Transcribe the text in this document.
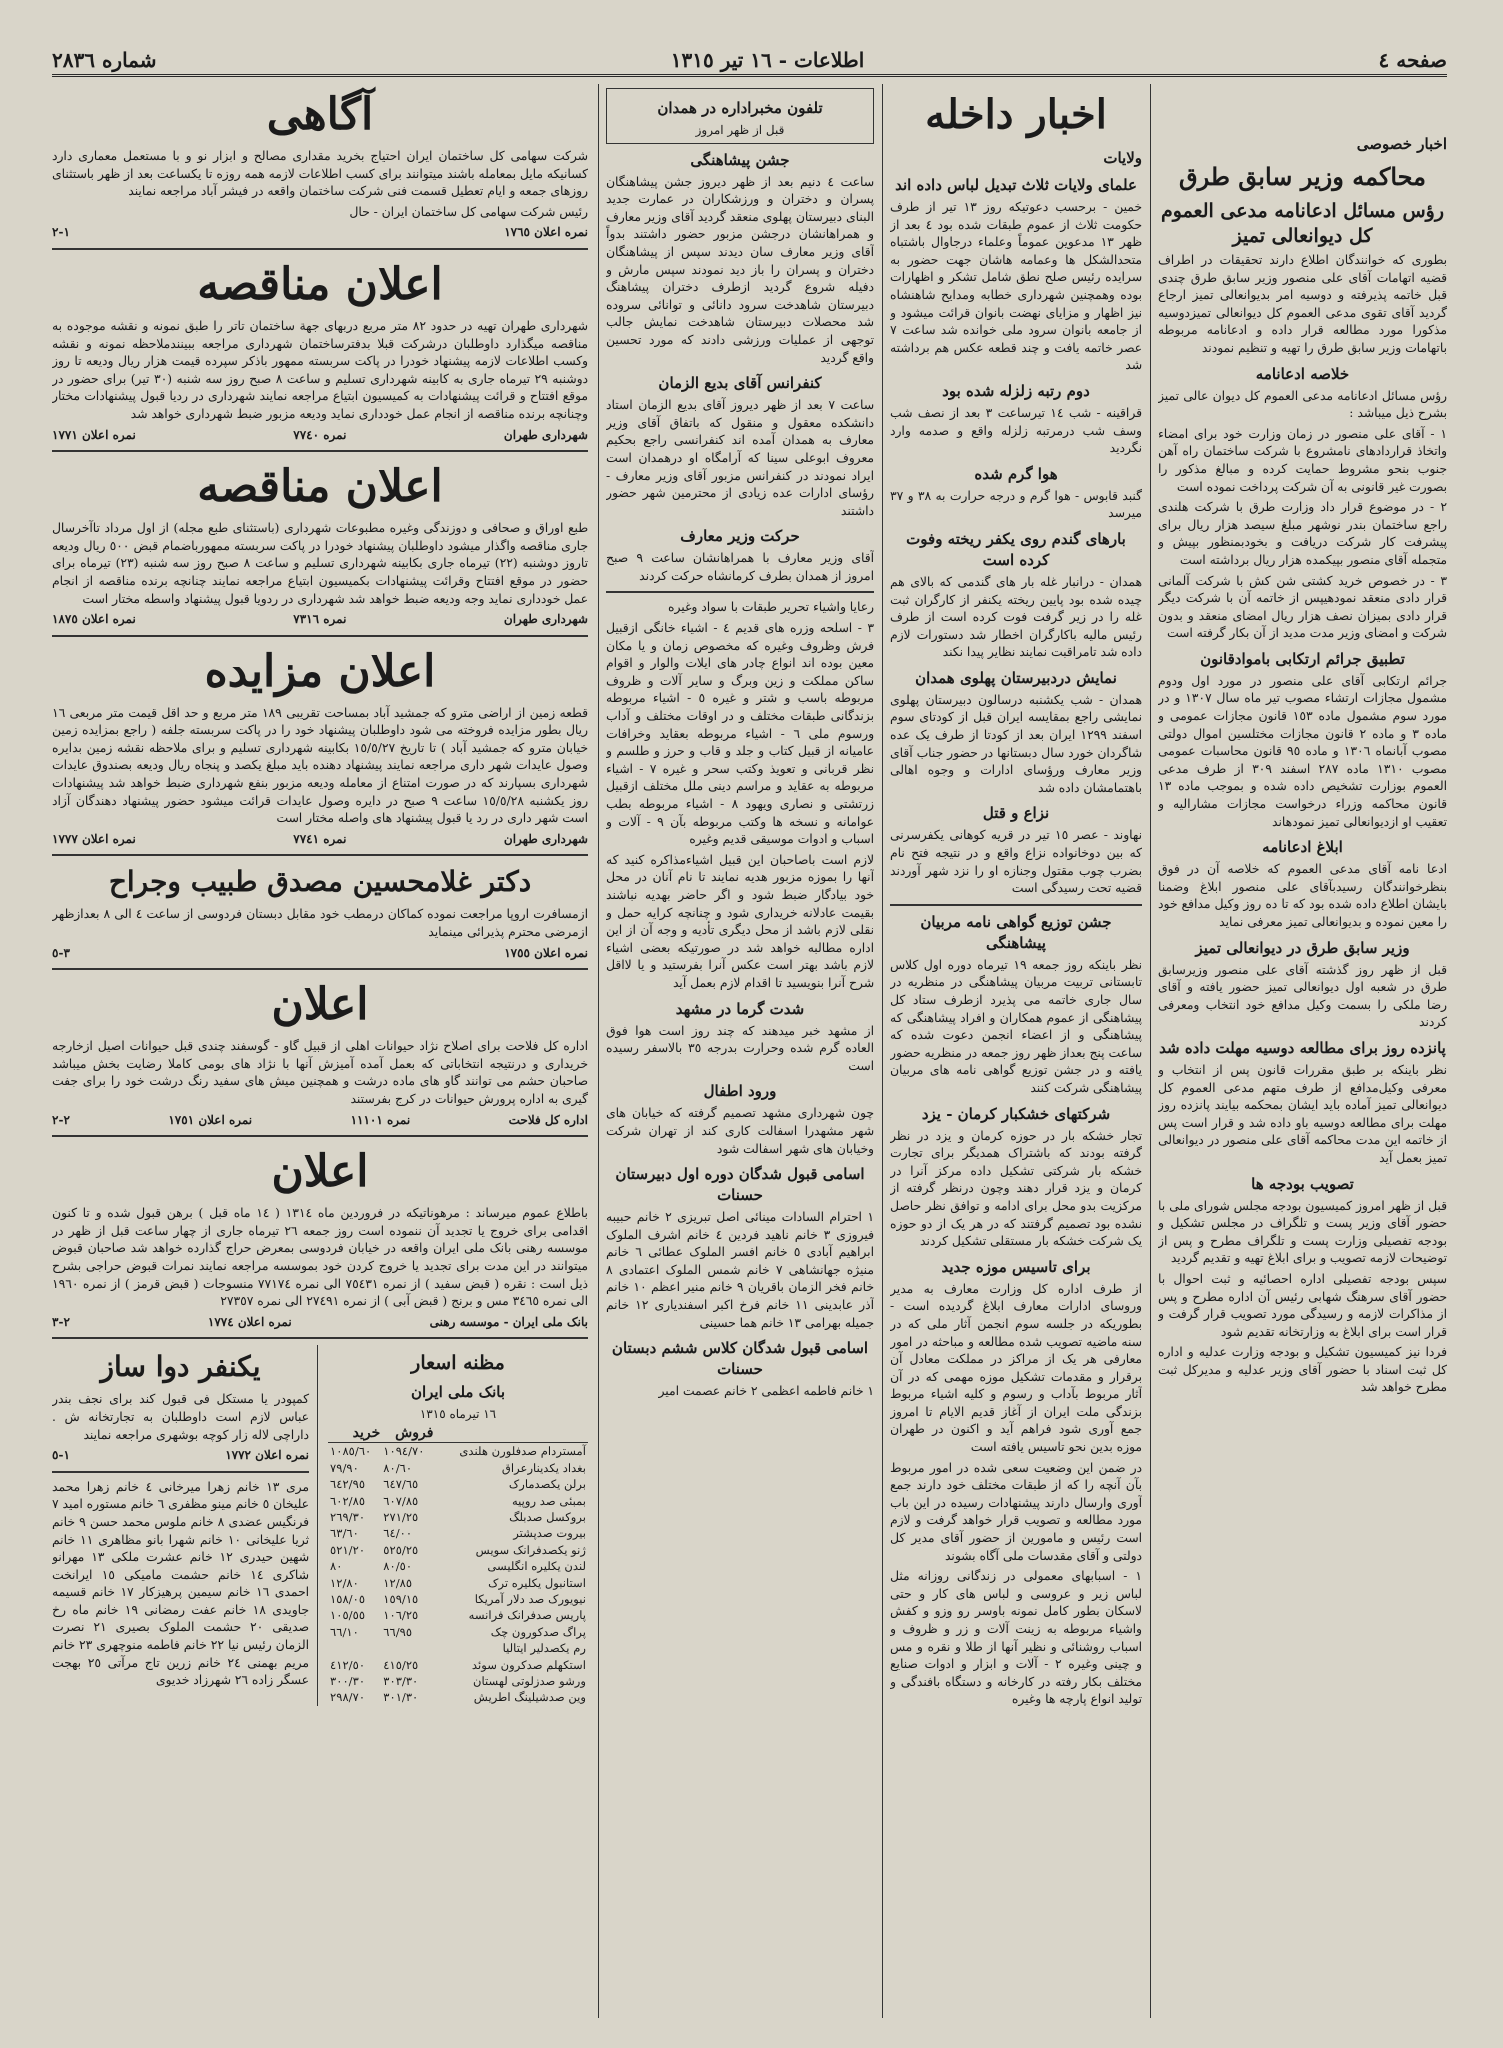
صفحه ٤
اطلاعات - ١٦ تیر ١٣١٥
شماره ٢٨٣٦
آگاهی

شرکت سهامی کل ساختمان ایران احتیاج بخرید مقداری مصالح و ابزار نو و با مستعمل معماری دارد کسانیکه مایل بمعامله باشند میتوانند برای کسب اطلاعات لازمه همه روزه تا یکساعت بعد از ظهر باستثنای روزهای جمعه و ایام تعطیل قسمت فنی شرکت ساختمان واقعه در فیشر آباد مراجعه نمایند

رئیس شرکت سهامی کل ساختمان ایران - حال

نمره اعلان ١٧٦٥
١-٢
اعلان مناقصه

شهرداری طهران تهیه در حدود ٨٢ متر مربع دربهای جهة ساختمان تاتر را طبق نمونه و نقشه موجوده به مناقصه میگذارد داوطلبان درشرکت قبلا بدفترساختمان شهرداری مراجعه ببینندملاحظه نمونه و نقشه وکسب اطلاعات لازمه پیشنهاد خودرا در پاکت سربسته ممهور باذکر سپرده قیمت هزار ریال ودیعه تا روز دوشنبه ٢٩ تیرماه جاری به کابینه شهرداری تسلیم و ساعت ٨ صبح روز سه شنبه (٣٠ تیر) برای حضور در موقع افتتاح و قرائت پیشنهادات به کمیسیون ابتیاع مراجعه نمایند شهرداری در ردیا قبول پیشنهادات مختار وچنانچه برنده مناقصه از انجام عمل خودداری نماید ودیعه مزبور ضبط شهرداری خواهد شد

شهرداری طهران
نمره ٧٧٤٠
نمره اعلان ١٧٧١
اعلان مناقصه

طبع اوراق و صحافی و دوزندگی وغیره مطبوعات شهرداری (باستثنای طبع مجله) از اول مرداد تاآخرسال جاری مناقصه واگذار میشود داوطلبان پیشنهاد خودرا در پاکت سربسته ممهورباضمام قبض ٥٠٠ ریال ودیعه تاروز دوشنبه (٢٢) تیرماه جاری بکابینه شهرداری تسلیم و ساعت ٨ صبح روز سه شنبه (٢٣) تیرماه برای حضور در موقع افتتاح وقرائت پیشنهادات بکمیسیون ابتیاع مراجعه نمایند چنانچه برنده مناقصه از انجام عمل خودداری نماید وجه ودیعه ضبط خواهد شد شهرداری در ردویا قبول پیشنهاد واسطه مختار است

شهرداری طهران
نمره ٧٣١٦
نمره اعلان ١٨٧٥
اعلان مزایده

قطعه زمین از اراضی مترو که جمشید آباد بمساحت تقریبی ١٨٩ متر مربع و حد اقل قیمت متر مربعی ١٦ ریال بطور مزایده فروخته می شود داوطلبان پیشنهاد خود را در پاکت سربسته جلفه ( راجع بمزایده زمین خیابان مترو که جمشید آباد ) تا تاریخ ١٥/٥/٢٧ بکابینه شهرداری تسلیم و برای ملاحظه نقشه زمین بدایره وصول عایدات شهر داری مراجعه نمایند پیشنهاد دهنده باید مبلغ یکصد و پنجاه ریال ودیعه بصندوق عایدات شهرداری بسپارند که در صورت امتناع از معامله ودیعه مزبور بنفع شهرداری ضبط خواهد شد پیشنهادات روز یکشنبه ١٥/٥/٢٨ ساعت ٩ صبح در دایره وصول عایدات قرائت میشود حضور پیشنهاد دهندگان آزاد است شهر داری در رد یا قبول پیشنهاد های واصله مختار است

شهرداری طهران
نمره ٧٧٤١
نمره اعلان ١٧٧٧
دکتر غلامحسین مصدق طبیب وجراح

ازمسافرت اروپا مراجعت نموده کماکان درمطب خود مقابل دبستان فردوسی از ساعت ٤ الی ٨ بعدازظهر ازمرضی محترم پذیرائی مینماید

نمره اعلان ١٧٥٥
٣-٥
اعلان

اداره کل فلاحت برای اصلاح نژاد حیوانات اهلی از قبیل گاو - گوسفند چندی قبل حیوانات اصیل ازخارجه خریداری و درنتیجه انتخاباتی که بعمل آمده آمیزش آنها با نژاد های بومی کاملا رضایت بخش میباشد صاحبان حشم می توانند گاو های ماده درشت و همچنین میش های سفید رنگ درشت خود را برای جفت گیری به اداره پرورش حیوانات در کرج بفرستند

اداره کل فلاحت
نمره ١١١٠١
نمره اعلان ١٧٥١
٢-٢
اعلان

باطلاع عموم میرساند : مرهوناتیکه در فروردین ماه ١٣١٤ ( ١٤ ماه قبل ) برهن قبول شده و تا کنون اقدامی برای خروج یا تجدید آن ننموده است روز جمعه ٢٦ تیرماه جاری از چهار ساعت قبل از ظهر در موسسه رهنی بانک ملی ایران واقعه در خیابان فردوسی بمعرض حراج گذارده خواهد شد صاحبان قبوض میتوانند در این مدت برای تجدید یا خروج کردن خود بموسسه مراجعه نمایند نمرات قبوض حراجی بشرح ذیل است : نقره ( قبض سفید ) از نمره ٧٥٤٣١ الی نمره ٧٧١٧٤ منسوجات ( قبض قرمز ) از نمره ١٩٦٠ الی نمره ٣٤٦٥ مس و برنج ( قبض آبی ) از نمره ٢٧٤٩١ الی نمره ٢٧٣٥٧

بانک ملی ایران - موسسه رهنی
نمره اعلان ١٧٧٤
٢-٣
مظنه اسعار
بانک ملی ایران
١٦ تیرماه ١٣١٥
	فروش	خرید
آمستردام صدفلورن هلندی	١٠٩٤/٧٠	١٠٨٥/٦٠
بغداد یکدینارعراق	٨٠/٦٠	٧٩/٩٠
برلن یکصدمارک	٦٤٧/٦٥	٦٤٢/٩٥
بمبئی صد روپیه	٦٠٧/٨٥	٦٠٢/٨٥
بروکسل صدبلگ	٢٧١/٢٥	٢٦٩/٣٠
بیروت صدپشتر	٦٤/٠٠	٦٣/٦٠
ژنو یکصدفرانک سویس	٥٢٥/٢٥	٥٢١/٢٠
لندن یکلیره انگلیسی	٨٠/٥٠	٨٠
استانبول یکلیره ترک	١٢/٨٥	١٢/٨٠
نیویورک صد دلار آمریکا	١٥٩/١٥	١٥٨/٠٥
پاریس صدفرانک فرانسه	١٠٦/٢٥	١٠٥/٥٥
پراگ صدکورون چک	٦٦/٩٥	٦٦/١٠
رم یکصدلیر ایتالیا		
استکهلم صدکرون سوئد	٤١٥/٢٥	٤١٢/٥٠
ورشو صدزلوتی لهستان	٣٠٣/٣٠	٣٠٠/٣٠
وین صدشیلینگ اطریش	٣٠١/٣٠	٢٩٨/٧٠
یکنفر دوا ساز

کمپودر یا مستکل فی قبول کند برای نجف بندر عباس لازم است داوطلبان به تجارتخانه ش . داراچی لاله زار کوچه بوشهری مراجعه نمایند

نمره اعلان ١٧٧٢
١-٥

مری ١٣ خانم زهرا میرخانی ٤ خانم زهرا محمد علیخان ٥ خانم مینو مظفری ٦ خانم مستوره امید ٧ فرنگیس عضدی ٨ خانم ملوس محمد حسن ٩ خانم ثریا علیخانی ١٠ خانم شهرا بانو مظاهری ١١ خانم شهین حیدری ١٢ خانم عشرت ملکی ١٣ مهرانو شاکری ١٤ خانم حشمت مامیکی ١٥ ایرانخت احمدی ١٦ خانم سیمین پرهیزکار ١٧ خانم قسیمه جاویدی ١٨ خانم عفت رمضانی ١٩ خانم ماه رخ صدیقی ٢٠ حشمت الملوک بصیری ٢١ نصرت الزمان رئیس نیا ٢٢ خانم فاطمه منوچهری ٢٣ خانم مریم بهمنی ٢٤ خانم زرین تاج مرآتی ٢٥ بهجت عسگر زاده ٢٦ شهرزاد خدیوی

تلفون مخبراداره در همدان
قبل از ظهر امروز
جشن پیشاهنگی

ساعت ٤ دنیم بعد از ظهر دیروز جشن پیشاهنگان پسران و دختران و ورزشکاران در عمارت جدید البنای دبیرستان پهلوی منعقد گردید آقای وزیر معارف و همراهانشان درجشن مزبور حضور داشتند بدواً آقای وزیر معارف سان دیدند سپس از پیشاهنگان دختران و پسران را باز دید نمودند سپس مارش و دفیله شروع گردید ازطرف دختران پیشاهنگ دبیرستان شاهدخت سرود دانائی و توانائی سروده شد محصلات دبیرستان شاهدخت نمایش جالب توجهی از عملیات ورزشی دادند که مورد تحسین واقع گردید

کنفرانس آقای بدیع الزمان

ساعت ٧ بعد از ظهر دیروز آقای بدیع الزمان استاد دانشکده معقول و منقول که باتفاق آقای وزیر معارف به همدان آمده اند کنفرانسی راجع بحکیم معروف ابوعلی سینا که آرامگاه او درهمدان است ایراد نمودند در کنفرانس مزبور آقای وزیر معارف - رؤسای ادارات عده زیادی از محترمین شهر حضور داشتند

حرکت وزیر معارف

آقای وزیر معارف با همراهانشان ساعت ٩ صبح امروز از همدان بطرف کرمانشاه حرکت کردند

رعایا واشیاء تحریر طبقات با سواد وغیره

٣ - اسلحه وزره های قدیم ٤ - اشیاء خانگی ازقبیل فرش وظروف وغیره که مخصوص زمان و یا مکان معین بوده اند انواع چادر های ایلات والوار و اقوام ساکن مملکت و زین وبرگ و سایر آلات و ظروف مربوطه باسب و شتر و غیره ٥ - اشیاء مربوطه بزندگانی طبقات مختلف و در اوقات مختلف و آداب ورسوم ملی ٦ - اشیاء مربوطه بعقاید وخرافات عامیانه از قبیل کتاب و جلد و قاب و حرز و طلسم و نظر قربانی و تعویذ وکتب سحر و غیره ٧ - اشیاء مربوطه به عقاید و مراسم دینی ملل مختلف ازقبیل زرتشتی و نصاری ویهود ٨ - اشیاء مربوطه بطب عوامانه و نسخه ها وکتب مربوطه بآن ٩ - آلات و اسباب و ادوات موسیقی قدیم وغیره

لازم است باصاحبان این قبیل اشیاءمذاکره کنید که آنها را بموزه مزبور هدیه نمایند تا نام آنان در محل خود بیادگار ضبط شود و اگر حاضر بهدیه نباشند بقیمت عادلانه خریداری شود و چنانچه کرایه حمل و نقلی لازم باشد از محل دیگری تأدیه و وجه آن از این اداره مطالبه خواهد شد در صورتیکه بعضی اشیاء لازم باشد بهتر است عکس آنرا بفرستید و یا لااقل شرح آنرا بنویسید تا اقدام لازم بعمل آید

شدت گرما در مشهد

از مشهد خبر میدهند که چند روز است هوا فوق العاده گرم شده وحرارت بدرجه ٣٥ بالاسفر رسیده است

ورود اطفال

چون شهرداری مشهد تصمیم گرفته که خیابان های شهر مشهدرا اسفالت کاری کند از تهران شرکت وخیابان های شهر اسفالت شود

اسامی قبول شدگان دوره اول دبیرستان حسنات

١ احترام السادات مینائی اصل تبریزی ٢ خانم حبیبه فیروزی ٣ خانم ناهید فردین ٤ خانم اشرف الملوک ابراهیم آبادی ٥ خانم افسر الملوک عطائی ٦ خانم منیژه جهانشاهی ٧ خانم شمس الملوک اعتمادی ٨ خانم فخر الزمان باقریان ٩ خانم منیر اعظم ١٠ خانم آذر عابدینی ١١ خانم فرخ اکبر اسفندیاری ١٢ خانم جمیله بهرامی ١٣ خانم هما حسینی

اسامی قبول شدگان کلاس ششم دبستان حسنات

١ خانم فاطمه اعظمی ٢ خانم عصمت امیر

اخبار داخله
ولایات
علمای ولایات ثلاث تبدیل لباس داده اند

خمین - برحسب دعوتیکه روز ١٣ تیر از طرف حکومت ثلاث از عموم طبقات شده بود ٤ بعد از ظهر ١٣ مدعوین عموماً وعلماء درجاوال باشتباه متحدالشکل ها وعمامه هاشان جهت حضور به سرایده رئیس صلح نطق شامل تشکر و اظهارات بوده وهمچنین شهرداری خطابه ومدایح شاهنشاه نیز اظهار و مزایای نهضت بانوان قرائت میشود و از جامعه بانوان سرود ملی خوانده شد ساعت ٧ عصر خاتمه یافت و چند قطعه عکس هم برداشته شد

دوم رتبه زلزله شده بود

قراقینه - شب ١٤ تیرساعت ٣ بعد از نصف شب وسف شب درمرتبه زلزله واقع و صدمه وارد نگردید

هوا گرم شده

گنبد قابوس - هوا گرم و درجه حرارت به ٣٨ و ٣٧ میرسد

بارهای گندم روی یکفر ریخته وفوت کرده است

همدان - درانبار غله بار های گندمی که بالای هم چیده شده بود پایین ریخته یکنفر از کارگران ثبت غله را در زیر گرفت فوت کرده است از طرف رئیس ماليه باکارگران اخطار شد دستورات لازم داده شد تامراقبت نمایند نظایر پیدا نکند

نمایش دردبیرستان پهلوی همدان

همدان - شب یکشنبه درسالون دبیرستان پهلوی نمایشی راجع بمقایسه ایران قبل از کودتای سوم اسفند ١٢٩٩ ایران بعد از کودتا از طرف یک عده شاگردان خورد سال دبستانها در حضور جناب آقای وزیر معارف ورؤسای ادارات و وجوه اهالی باهتمامشان داده شد

نزاع و قتل

نهاوند - عصر ١٥ تیر در قریه کوهانی یکفرسرنی که بین دوخانواده نزاع واقع و در نتیجه فتح نام بضرب چوب مقتول وجنازه او را نزد شهر آوردند قضیه تحت رسیدگی است

جشن توزیع گواهی نامه مربیان پیشاهنگی

نظر باینکه روز جمعه ١٩ تیرماه دوره اول کلاس تابستانی تربیت مربیان پیشاهنگی در منظریه در سال جاری خاتمه می پذیرد ازطرف ستاد کل پیشاهنگی از عموم همکاران و افراد پیشاهنگی که پیشاهنگی و از اعضاء انجمن دعوت شده که ساعت پنج بعداز ظهر روز جمعه در منظریه حضور یافته و در جشن توزیع گواهی نامه های مربیان پیشاهنگی شرکت کنند

شرکتهای خشکبار کرمان - یزد

تجار خشکه بار در حوزه کرمان و یزد در نظر گرفته بودند که باشتراک همدیگر برای تجارت خشکه بار شرکتی تشکیل داده مرکز آنرا در کرمان و یزد قرار دهند وچون درنظر گرفته از مرکزیت بدو محل برای ادامه و توافق نظر حاصل نشده بود تصمیم گرفتند که در هر یک از دو حوزه یک شرکت خشکه بار مستقلی تشکیل کردند

برای تاسیس موزه جدید

از طرف اداره کل وزارت معارف به مدیر وروسای ادارات معارف ابلاغ گردیده است - بطوریکه در جلسه سوم انجمن آثار ملی که در سنه ماضیه تصویب شده مطالعه و مباحثه در امور معارفی هر یک از مراکز در مملکت معادل آن برقرار و مقدمات تشکیل موزه مهمی که در آن آثار مربوط بآداب و رسوم و کلیه اشیاء مربوط بزندگی ملت ایران از آغاز قدیم الایام تا امروز جمع آوری شود فراهم آید و اکنون در طهران موزه بدین نحو تاسیس یافته است

در ضمن این وضعیت سعی شده در امور مربوط بآن آنچه را که از طبقات مختلف خود دارند جمع آوری وارسال دارند پیشنهادات رسیده در این باب مورد مطالعه و تصویب قرار خواهد گرفت و لازم است رئیس و مامورین از حضور آقای مدیر کل دولتی و آقای مقدسات ملی آگاه بشوند

١ - اسبابهای معمولی در زندگانی روزانه مثل لباس زیر و عروسی و لباس های کار و حتی لاسکان بطور کامل نمونه باوسر رو وزو و کفش واشیاء مربوطه به زینت آلات و زر و ظروف و اسباب روشنائی و نظیر آنها از طلا و نقره و مس و چینی وغیره ٢ - آلات و ابزار و ادوات صنایع مختلف بکار رفته در کارخانه و دستگاه بافندگی و تولید انواع پارچه ها وغیره

اخبار خصوصی
محاکمه وزیر سابق طرق
رؤس مسائل ادعانامه مدعی العموم کل دیوانعالی تمیز

بطوری که خوانندگان اطلاع دارند تحقیقات در اطراف قضیه اتهامات آقای علی منصور وزیر سابق طرق چندی قبل خاتمه پذیرفته و دوسیه امر بدیوانعالی تمیز ارجاع گردید آقای تقوی مدعی العموم کل دیوانعالی تمیزدوسیه مذکورا مورد مطالعه قرار داده و ادعانامه مربوطه باتهامات وزیر سابق طرق را تهیه و تنظیم نمودند

خلاصه ادعانامه

رؤس مسائل ادعانامه مدعی العموم کل دیوان عالی تمیز بشرح ذیل میباشد :

١ - آقای علی منصور در زمان وزارت خود برای امضاء واتخاذ قراردادهای نامشروع با شرکت ساختمان راه آهن جنوب بنحو مشروط حمایت کرده و مبالغ مذکور را بصورت غیر قانونی به آن شرکت پرداخت نموده است

٢ - در موضوع قرار داد وزارت طرق با شرکت هلندی راجع ساختمان بندر نوشهر مبلغ سیصد هزار ریال برای پیشرفت کار شرکت دریافت و بخودبمنظور بپیش و متجمله آقای منصور بپیکمده هزار ریال برداشته است

٣ - در خصوص خرید کشتی شن کش با شرکت آلمانی قرار دادی منعقد نمودهیپس از خاتمه آن با شرکت دیگر قرار دادی بمیزان نصف هزار ریال امضای منعقد و بدون شرکت و امضای وزیر مدت مدید از آن بکار گرفته است

تطبیق جرائم ارتکابی باموادقانون

جرائم ارتکابی آقای علی منصور در مورد اول ودوم مشمول مجازات ارتشاء مصوب تیر ماه سال ١٣٠٧ و در مورد سوم مشمول ماده ١٥٣ قانون مجازات عمومی و ماده ٣ و ماده ٢ قانون مجازات مختلسین اموال دولتی مصوب آبانماه ١٣٠٦ و ماده ٩٥ قانون محاسبات عمومی مصوب ١٣١٠ ماده ٢٨٧ اسفند ٣٠٩ از طرف مدعی العموم بوزارت تشخیص داده شده و بموجب ماده ١٣ قانون محاکمه وزراء درخواست مجازات مشارالیه و تعقیب او ازدیوانعالی تمیز نمودهاند

ابلاغ ادعانامه

ادعا نامه آقای مدعی العموم که خلاصه آن در فوق بنظرخوانندگان رسیدبآقای علی منصور ابلاغ وضمنا بایشان اطلاع داده شده بود که تا ده روز وکیل مدافع خود را معین نموده و بدیوانعالی تمیز معرفی نماید

وزیر سابق طرق در دیوانعالی تمیز

قبل از ظهر روز گذشته آقای علی منصور وزیرسابق طرق در شعبه اول دیوانعالی تمیز حضور یافته و آقای رضا ملکی را بسمت وکیل مدافع خود انتخاب ومعرفی کردند

پانزده روز برای مطالعه دوسیه مهلت داده شد

نظر باینکه بر طبق مقررات قانون پس از انتخاب و معرفی وکیل‌مدافع از طرف متهم مدعی العموم کل دیوانعالی تمیز آماده باید ایشان بمحکمه بیایند پانزده روز مهلت برای مطالعه دوسیه باو داده شد و قرار است پس از خاتمه این مدت محاکمه آقای علی منصور در دیوانعالی تمیز بعمل آید

تصویب بودجه ها

قبل از ظهر امروز کمیسیون بودجه مجلس شورای ملی با حضور آقای وزیر پست و تلگراف در مجلس تشکیل و بودجه تفصیلی وزارت پست و تلگراف مطرح و پس از توضیحات لازمه تصویب و برای ابلاغ تهیه و تقدیم گردید

سپس بودجه تفصیلی اداره احصائیه و ثبت احوال با حضور آقای سرهنگ شهابی رئیس آن اداره مطرح و پس از مذاکرات لازمه و رسیدگی مورد تصویب قرار گرفت و قرار است برای ابلاغ به وزارتخانه تقدیم شود

فردا نیز کمیسیون تشکیل و بودجه وزارت عدلیه و اداره کل ثبت اسناد با حضور آقای وزیر عدلیه و مدیرکل ثبت مطرح خواهد شد
